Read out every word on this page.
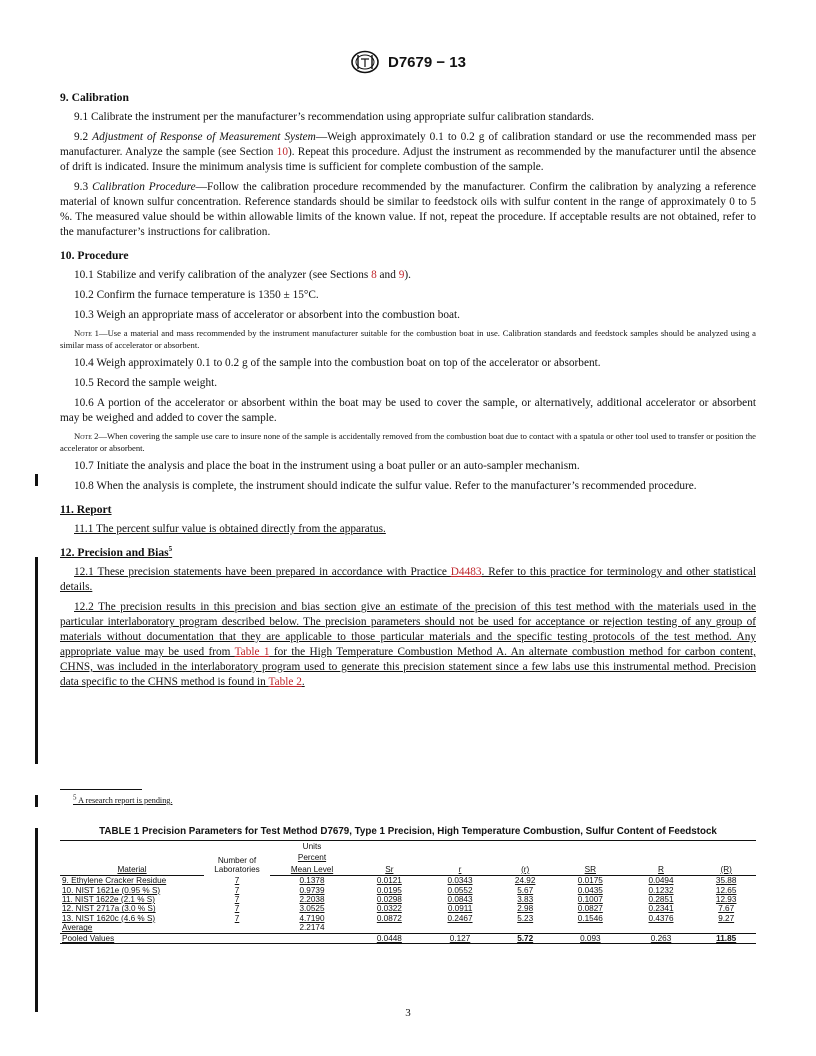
D7679 − 13
9. Calibration

9.1 Calibrate the instrument per the manufacturer’s recommendation using appropriate sulfur calibration standards.

9.2 Adjustment of Response of Measurement System—Weigh approximately 0.1 to 0.2 g of calibration standard or use the recommended mass per manufacturer. Analyze the sample (see Section 10). Repeat this procedure. Adjust the instrument as recommended by the manufacturer until the absence of drift is indicated. Insure the minimum analysis time is sufficient for complete combustion of the sample.

9.3 Calibration Procedure—Follow the calibration procedure recommended by the manufacturer. Confirm the calibration by analyzing a reference material of known sulfur concentration. Reference standards should be similar to feedstock oils with sulfur content in the range of approximately 0 to 5 %. The measured value should be within allowable limits of the known value. If not, repeat the procedure. If acceptable results are not obtained, refer to the manufacturer’s instructions for calibration.

10. Procedure

10.1 Stabilize and verify calibration of the analyzer (see Sections 8 and 9).

10.2 Confirm the furnace temperature is 1350 ± 15°C.

10.3 Weigh an appropriate mass of accelerator or absorbent into the combustion boat.

Note 1—Use a material and mass recommended by the instrument manufacturer suitable for the combustion boat in use. Calibration standards and feedstock samples should be analyzed using a similar mass of accelerator or absorbent.

10.4 Weigh approximately 0.1 to 0.2 g of the sample into the combustion boat on top of the accelerator or absorbent.

10.5 Record the sample weight.

10.6 A portion of the accelerator or absorbent within the boat may be used to cover the sample, or alternatively, additional accelerator or absorbent may be weighed and added to cover the sample.

Note 2—When covering the sample use care to insure none of the sample is accidentally removed from the combustion boat due to contact with a spatula or other tool used to transfer or position the accelerator or absorbent.

10.7 Initiate the analysis and place the boat in the instrument using a boat puller or an auto-sampler mechanism.

10.8 When the analysis is complete, the instrument should indicate the sulfur value. Refer to the manufacturer’s recommended procedure.

11. Report

11.1 The percent sulfur value is obtained directly from the apparatus.

12. Precision and Bias$^5$

12.1 These precision statements have been prepared in accordance with Practice D4483. Refer to this practice for terminology and other statistical details.

12.2 The precision results in this precision and bias section give an estimate of the precision of this test method with the materials used in the particular interlaboratory program described below. The precision parameters should not be used for acceptance or rejection testing of any group of materials without documentation that they are applicable to those particular materials and the specific testing protocols of the test method. Any appropriate value may be used from Table 1 for the High Temperature Combustion Method A. An alternate combustion method for carbon content, CHNS, was included in the interlaboratory program used to generate this precision statement since a few labs use this instrumental method. Precision data specific to the CHNS method is found in Table 2.

$^5$ A research report is pending.
TABLE 1 Precision Parameters for Test Method D7679, Type 1 Precision, High Temperature Combustion, Sulfur Content of Feedstock
		Units						

	Number of
Laboratories	Percent						
Material		Mean Level	Sr	r	(r)	SR	R	(R)
9. Ethylene Cracker Residue	7	0.1378	0.0121	0.0343	24.92	0.0175	0.0494	35.88
10. NIST 1621e (0.95 % S)	7	0.9739	0.0195	0.0552	5.67	0.0435	0.1232	12.65
11. NIST 1622e (2.1 % S)	7	2.2038	0.0298	0.0843	3.83	0.1007	0.2851	12.93
12. NIST 2717a (3.0 % S)	7	3.0525	0.0322	0.0911	2.98	0.0827	0.2341	7.67
13. NIST 1620c (4.6 % S)	7	4.7190	0.0872	0.2467	5.23	0.1546	0.4376	9.27
Average		2.2174						
Pooled Values			0.0448	0.127	5.72	0.093	0.263	11.85
3
